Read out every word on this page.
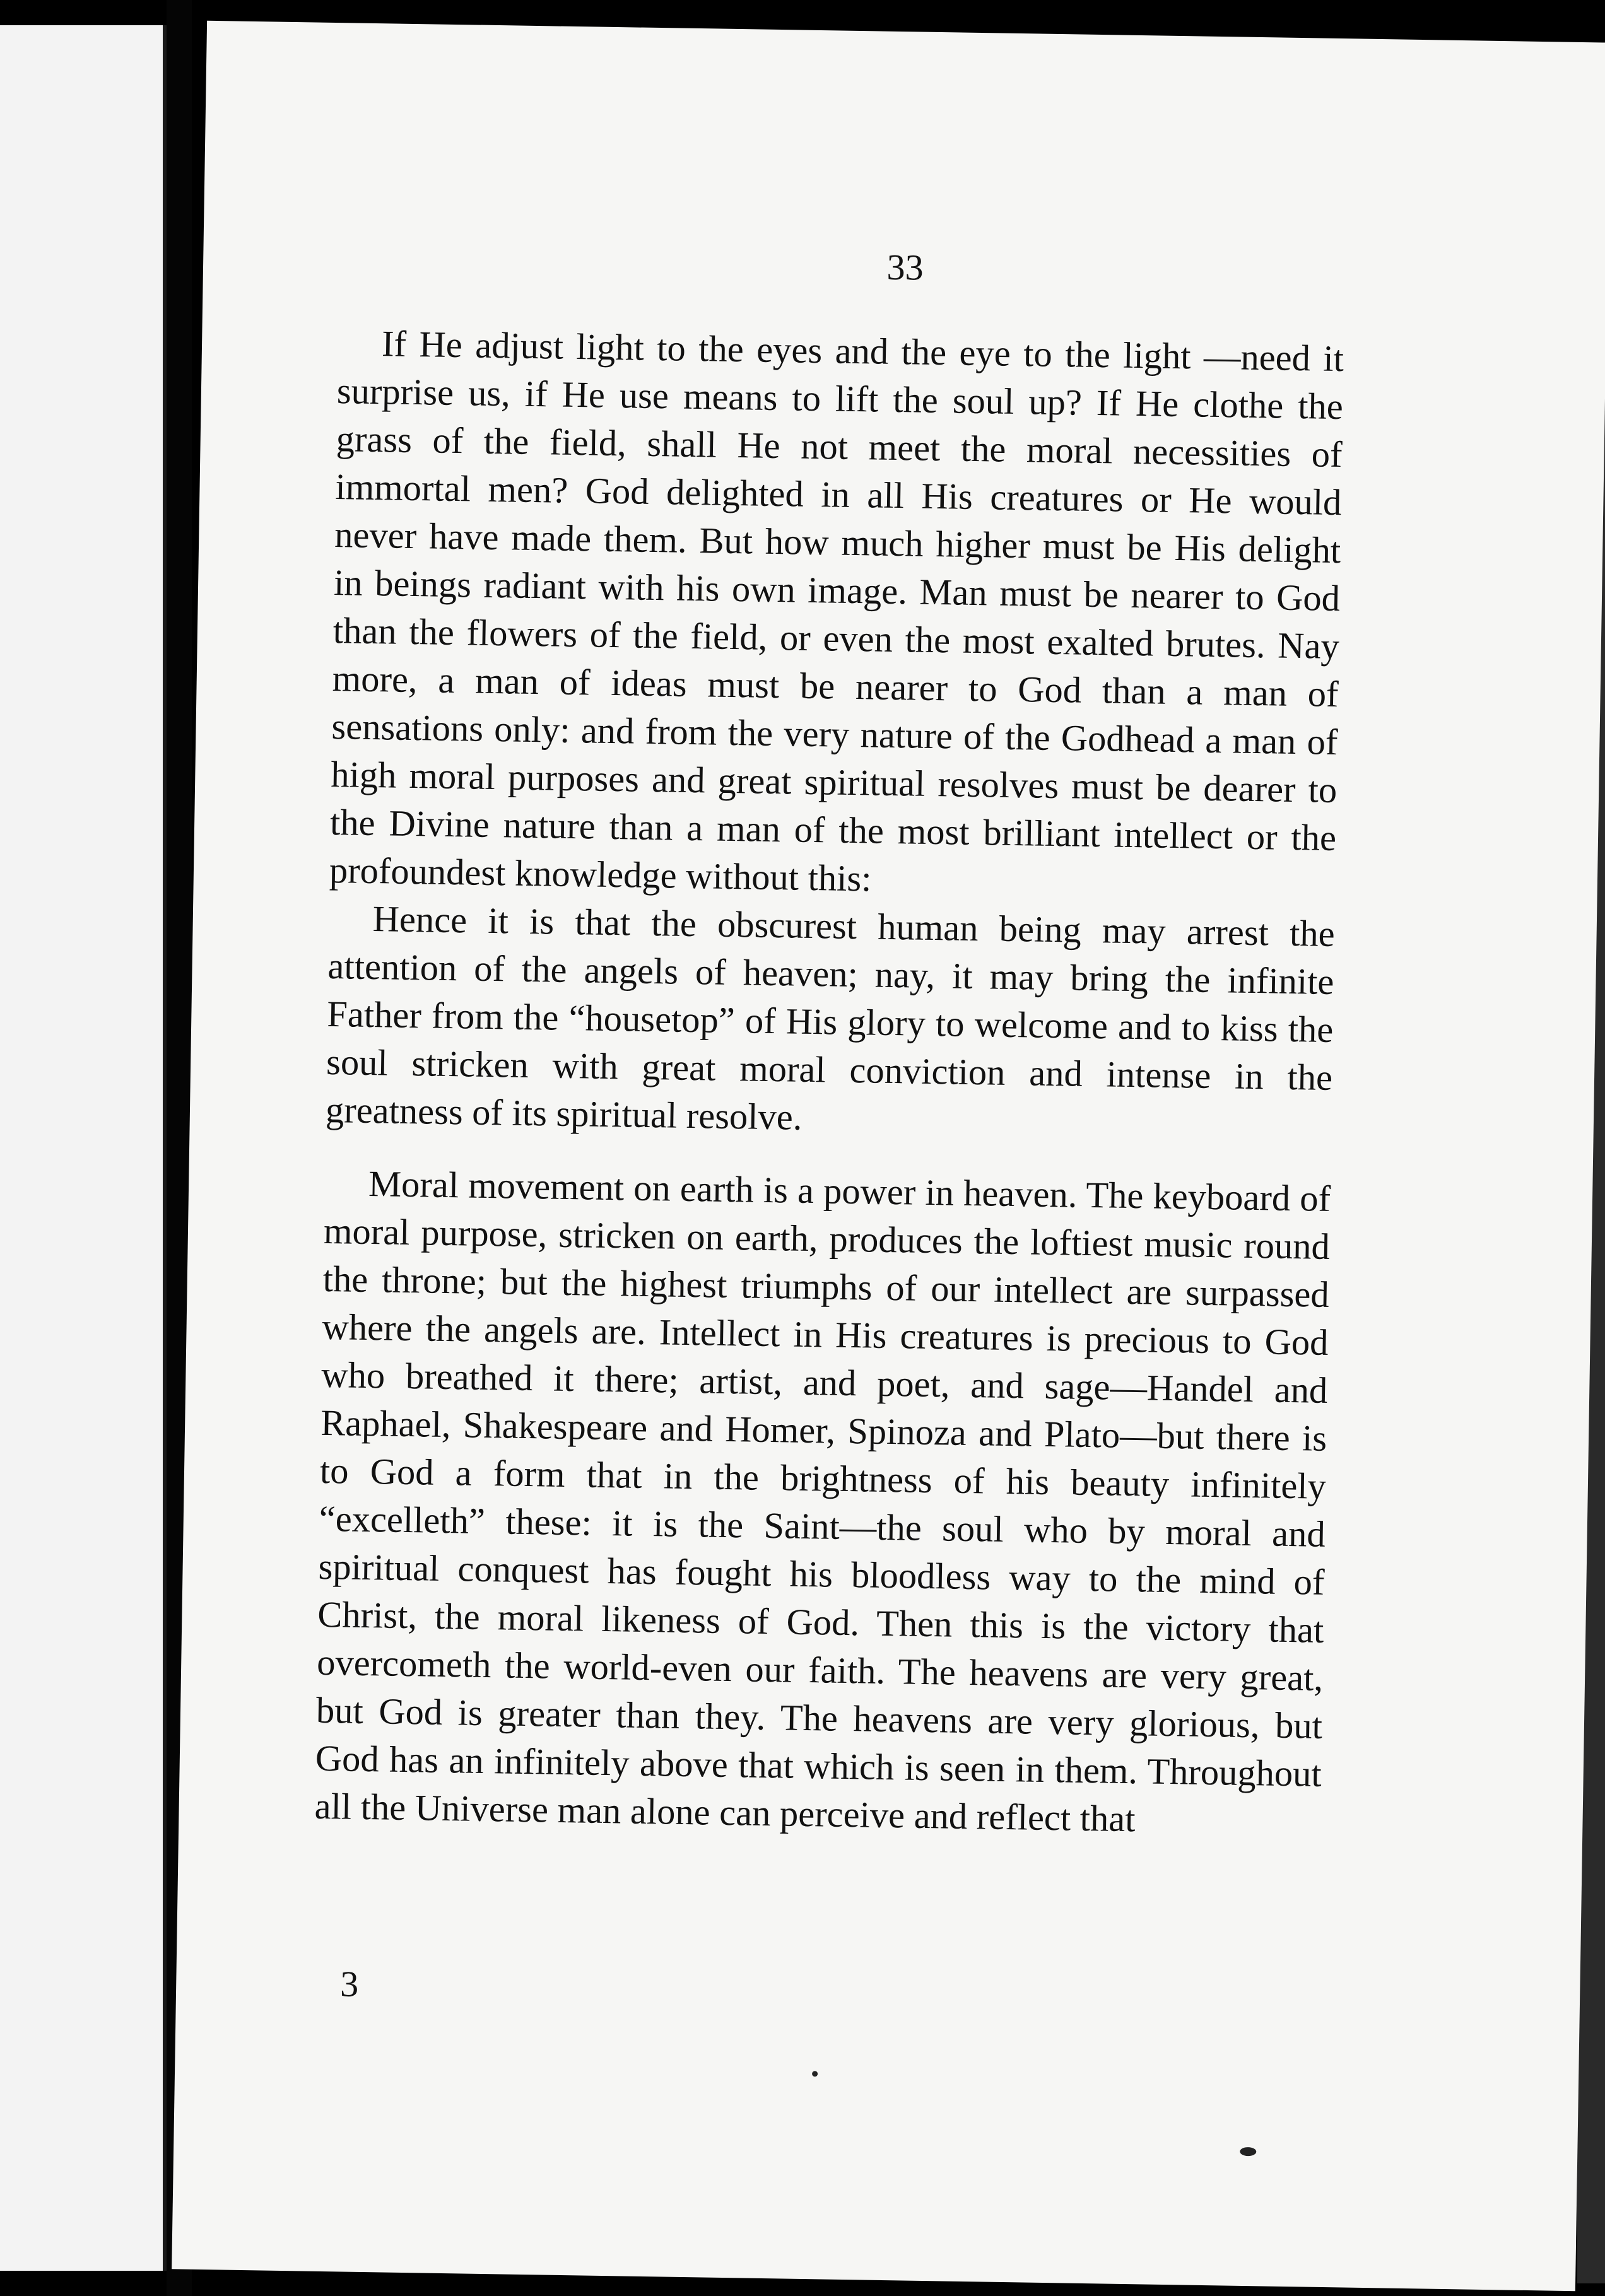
33

If He adjust light to the eyes and the eye to the light —need it surprise us, if He use means to lift the soul up? If He clothe the grass of the field, shall He not meet the moral necessities of immortal men? God delighted in all His creatures or He would never have made them. But how much higher must be His delight in beings radiant with his own image. Man must be nearer to God than the flowers of the field, or even the most exalted brutes. Nay more, a man of ideas must be nearer to God than a man of sensations only: and from the very nature of the Godhead a man of high moral purposes and great spiritual resolves must be dearer to the Divine nature than a man of the most brilliant intellect or the profoundest knowledge without this:

Hence it is that the obscurest human being may arrest the attention of the angels of heaven; nay, it may bring the infinite Father from the “housetop” of His glory to welcome and to kiss the soul stricken with great moral conviction and intense in the greatness of its spiritual resolve.

Moral movement on earth is a power in heaven. The keyboard of moral purpose, stricken on earth, produces the loftiest music round the throne; but the highest triumphs of our intellect are surpassed where the angels are. Intellect in His creatures is precious to God who breathed it there; artist, and poet, and sage—Handel and Raphael, Shakespeare and Homer, Spinoza and Plato—but there is to God a form that in the brightness of his beauty infinitely “excelleth” these: it is the Saint—the soul who by moral and spiritual conquest has fought his bloodless way to the mind of Christ, the moral likeness of God. Then this is the victory that overcometh the world-even our faith. The heavens are very great, but God is greater than they. The heavens are very glorious, but God has an infinitely above that which is seen in them. Throughout all the Universe man alone can perceive and reflect that

3
